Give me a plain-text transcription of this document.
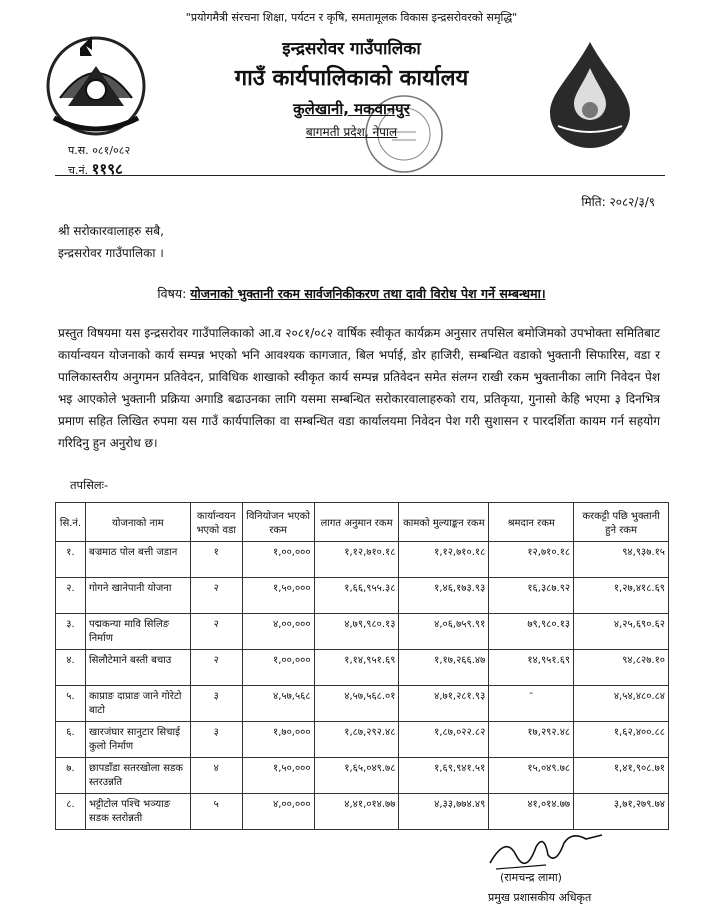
"प्रयोगमैत्री संरचना शिक्षा, पर्यटन र कृषि, समतामूलक विकास इन्द्रसरोवरको समृद्धि"
इन्द्रसरोवर गाउँपालिका
गाउँ कार्यपालिकाको कार्यालय
कुलेखानी, मकवानपुर
बागमती प्रदेश, नेपाल
प.स. ०८१/०८२
च.नं. ११९८
मिति: २०८२/३/९
श्री सरोकारवालाहरु सबै,
इन्द्रसरोवर गाउँपालिका ।
विषय: योजनाको भुक्तानी रकम सार्वजनिकीकरण तथा दावी विरोध पेश गर्ने सम्बन्धमा।
प्रस्तुत विषयमा यस इन्द्रसरोवर गाउँपालिकाको आ.व २०८१/०८२ वार्षिक स्वीकृत कार्यक्रम अनुसार तपसिल बमोजिमको उपभोक्ता समितिबाट कार्यान्वयन योजनाको कार्य सम्पन्न भएको भनि आवश्यक कागजात, बिल भर्पाई, डोर हाजिरी, सम्बन्धित वडाको भुक्तानी सिफारिस, वडा र पालिकास्तरीय अनुगमन प्रतिवेदन, प्राविधिक शाखाको स्वीकृत कार्य सम्पन्न प्रतिवेदन समेत संलग्न राखी रकम भुक्तानीका लागि निवेदन पेश भइ आएकोले भुक्तानी प्रक्रिया अगाडि बढाउनका लागि यसमा सम्बन्धित सरोकारवालाहरुको राय, प्रतिकृया, गुनासो केहि भएमा ३ दिनभित्र प्रमाण सहित लिखित रुपमा यस गाउँ कार्यपालिका वा सम्बन्धित वडा कार्यालयमा निवेदन पेश गरी सुशासन र पारदर्शिता कायम गर्न सहयोग गरिदिनु हुन अनुरोध छ।
तपसिलः-
सि.नं.	योजनाको नाम	कार्यान्वयन भएको वडा	विनियोजन भएको रकम	लागत अनुमान रकम	कामको मुल्याङ्कन रकम	श्रमदान रकम	करकट्टी पछि भुक्तानी हुने रकम
१.	बज्रमाठ पोल बत्ती जडान	१	१,००,०००	१,१२,७१०.१८	१,१२,७१०.१८	१२,७१०.१८	९४,९३७.१५
२.	गोगने खानेपानी योजना	२	१,५०,०००	१,६६,९५५.३८	१,४६,१७३.९३	१६,३८७.९२	१,२७,४१८.६९
३.	पद्मकन्या मावि सिलिङ निर्माण	२	४,००,०००	४,७९,९८०.१३	४,०६,७५९.९१	७९,९८०.१३	४,२५,६९०.६२
४.	सिलौटेमाने बस्ती बचाउ	२	१,००,०००	१,१४,९५१.६९	१,१७,२६६.४७	१४,९५१.६९	९४,८२७.१०
५.	काप्राङ दाप्राङ जाने गोरेटो बाटो	३	४,५७,५६८	४,५७,५६८.०१	४,७१,२८१.९३	-	४,५४,४८०.८४
६.	खारजंघार सानुटार सिचाई कुलो निर्माण	३	१,७०,०००	१,८७,२९२.४८	१,८७,०२२.८२	१७,२९२.४८	१,६२,४००.८८
७.	छापडाँडा सतरखोला सडक स्तरउन्नति	४	१,५०,०००	१,६५,०४९.७८	१,६९,९४१.५१	१५,०४९.७८	१,४१,९०८.७१
८.	भट्टीटोल पश्चि भञ्याङ सडक स्तरोन्नती	५	४,००,०००	४,४१,०१४.७७	४,३३,७७४.४९	४१,०१४.७७	३,७१,२७९.७४
(रामचन्द्र लामा)
प्रमुख प्रशासकीय अधिकृत
